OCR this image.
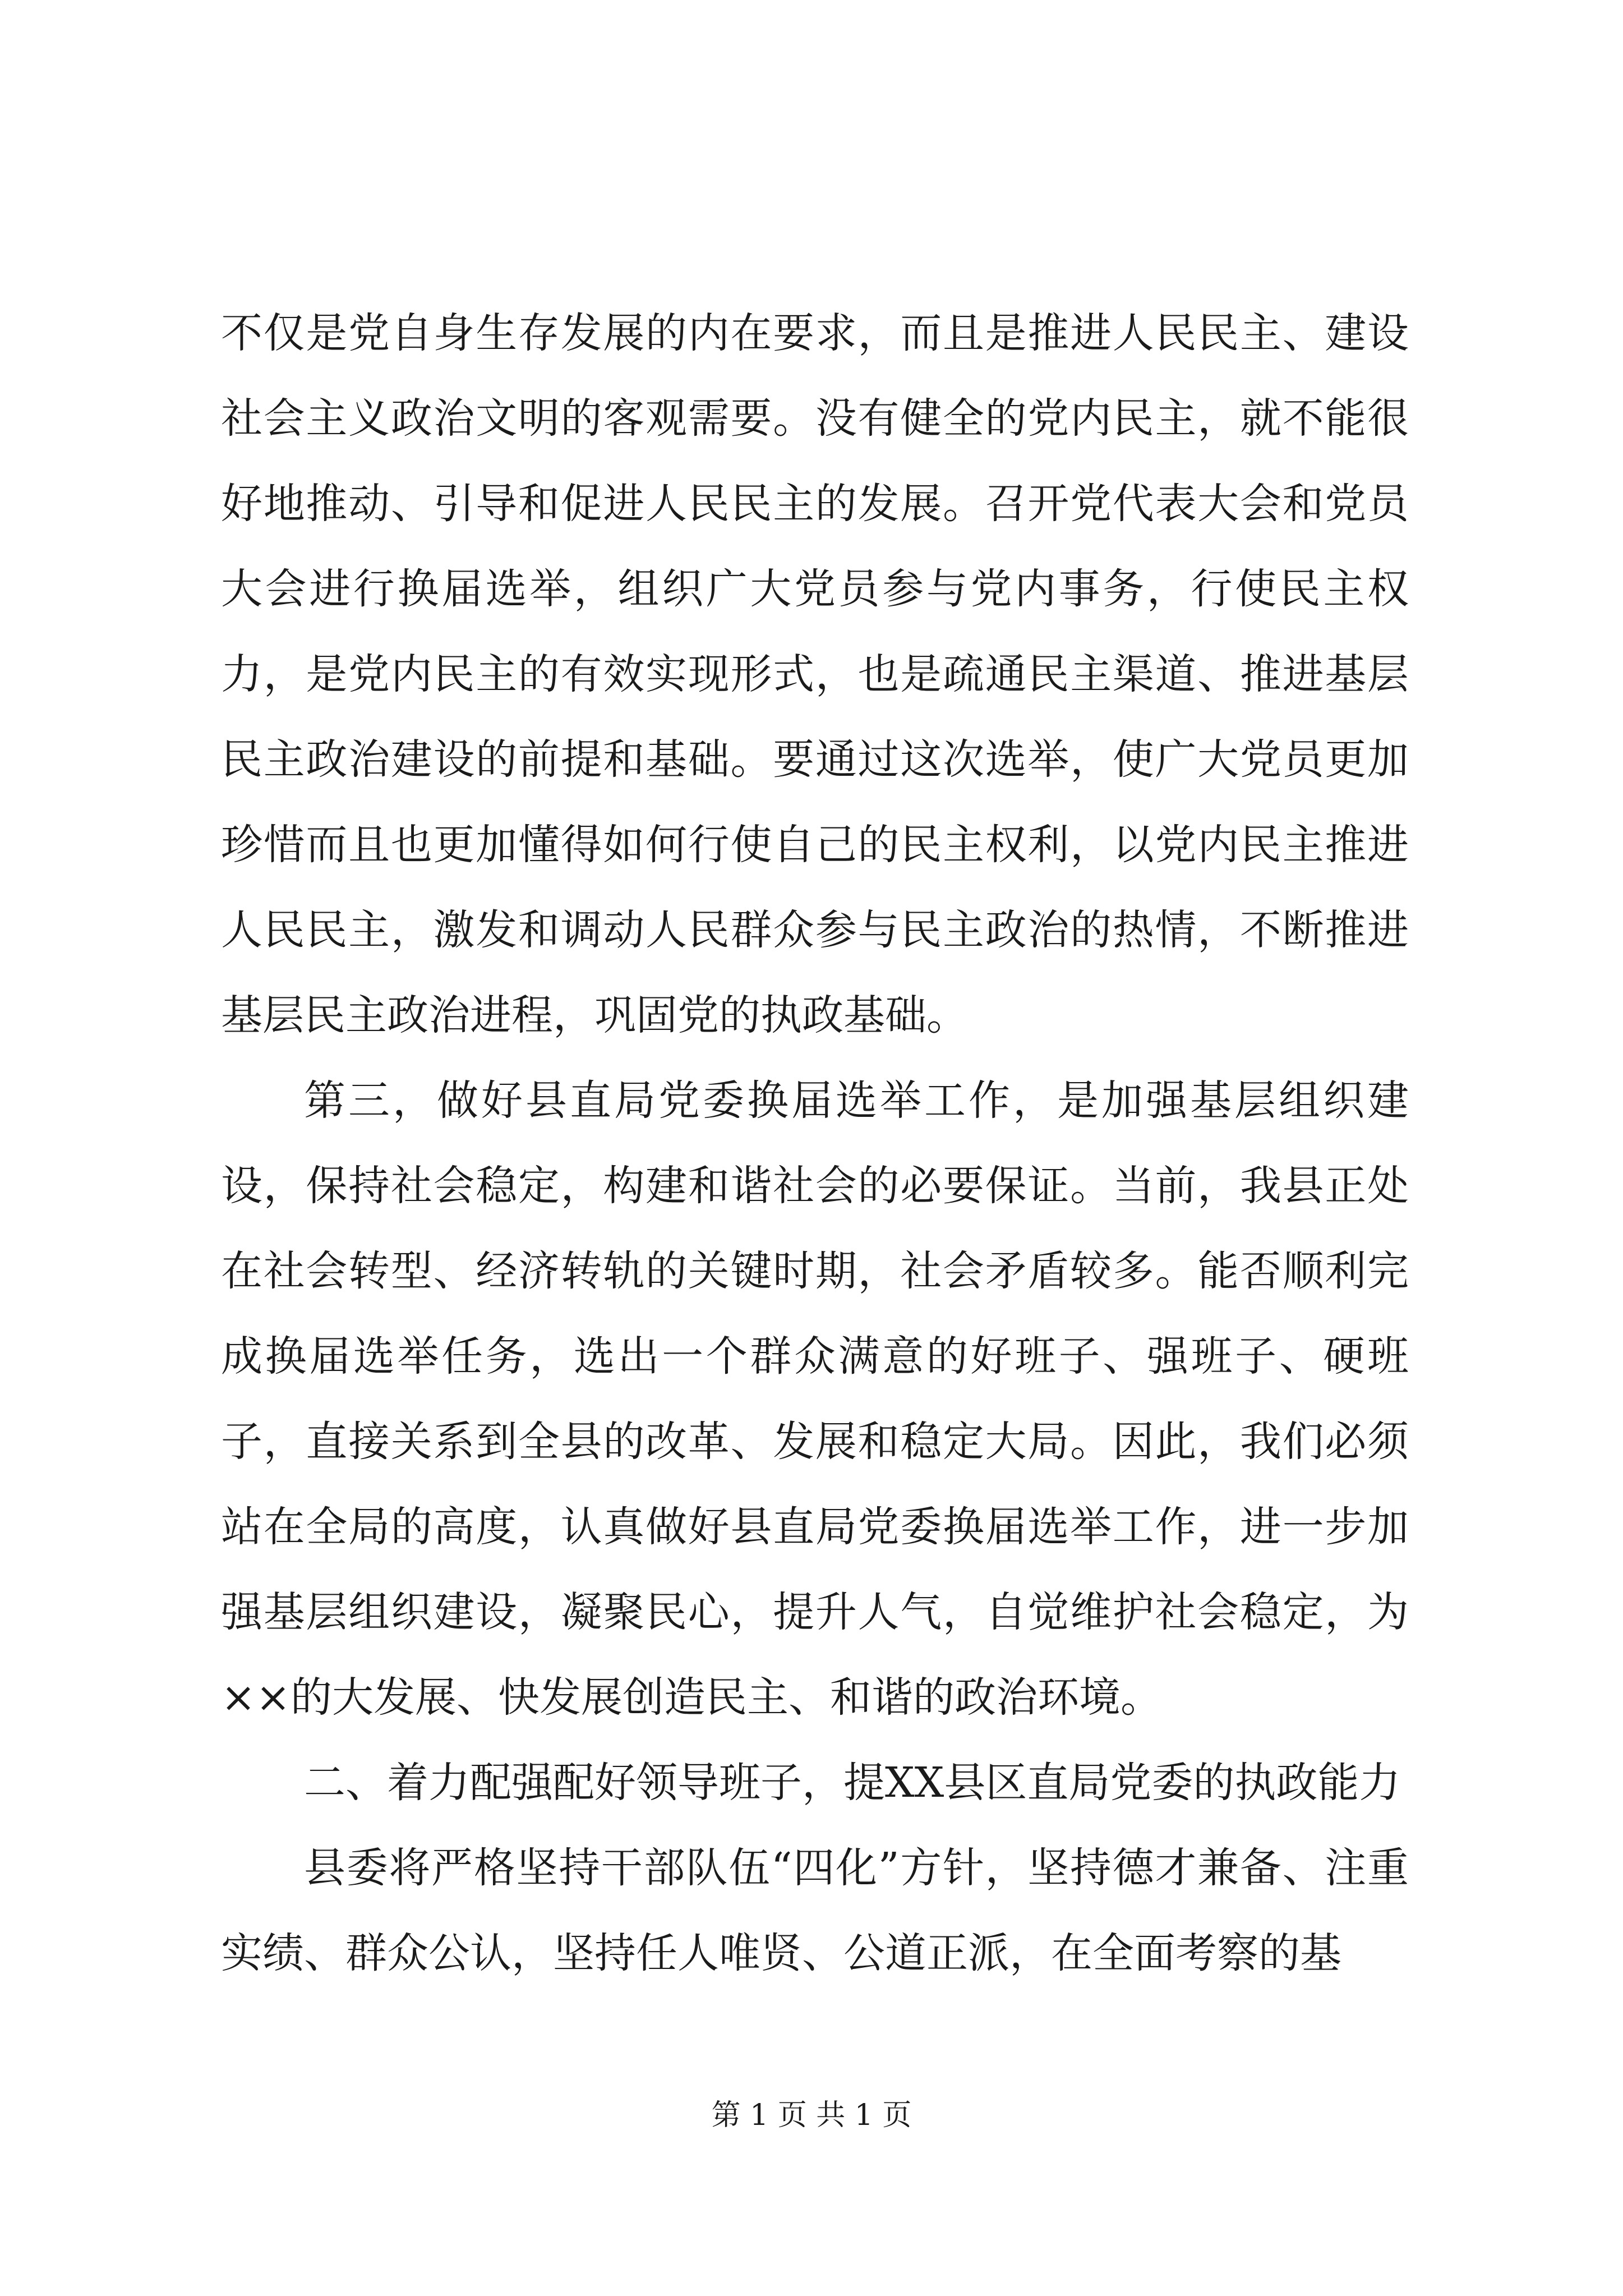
不仅是党自身生存发展的内在要求，而且是推进人民民主、建设社会主义政治文明的客观需要。没有健全的党内民主，就不能很好地推动、引导和促进人民民主的发展。召开党代表大会和党员大会进行换届选举，组织广大党员参与党内事务，行使民主权力，是党内民主的有效实现形式，也是疏通民主渠道、推进基层民主政治建设的前提和基础。要通过这次选举，使广大党员更加珍惜而且也更加懂得如何行使自己的民主权利，以党内民主推进人民民主，激发和调动人民群众参与民主政治的热情，不断推进基层民主政治进程，巩固党的执政基础。

第三，做好县直局党委换届选举工作，是加强基层组织建设，保持社会稳定，构建和谐社会的必要保证。当前，我县正处在社会转型、经济转轨的关键时期，社会矛盾较多。能否顺利完成换届选举任务，选出一个群众满意的好班子、强班子、硬班子，直接关系到全县的改革、发展和稳定大局。因此，我们必须站在全局的高度，认真做好县直局党委换届选举工作，进一步加强基层组织建设，凝聚民心，提升人气，自觉维护社会稳定，为××的大发展、快发展创造民主、和谐的政治环境。

二、着力配强配好领导班子，提XX县区直局党委的执政能力

县委将严格坚持干部队伍“四化”方针，坚持德才兼备、注重实绩、群众公认，坚持任人唯贤、公道正派，在全面考察的基

第 1 页 共 1 页
